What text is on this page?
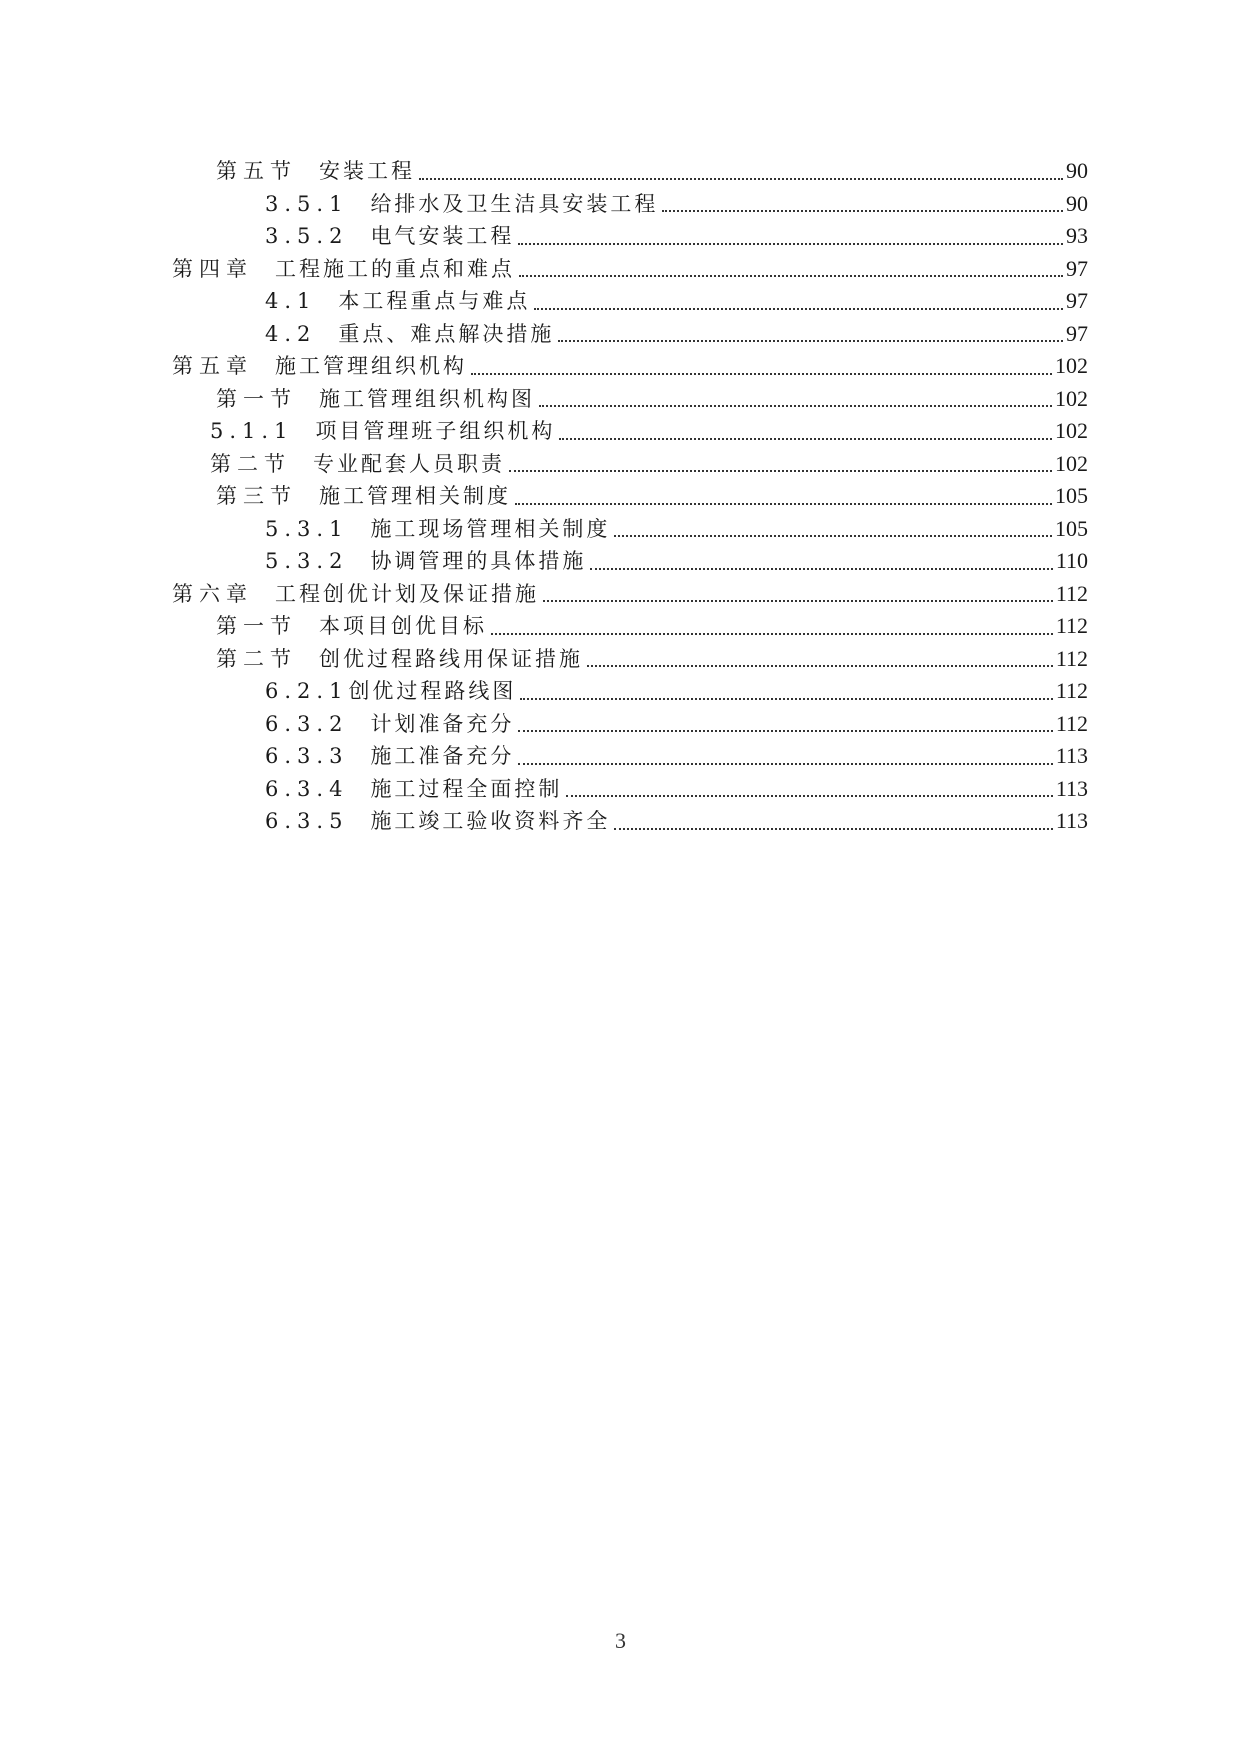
第五节 安装工程	90
3.5.1 给排水及卫生洁具安装工程	90
3.5.2 电气安装工程	93
第四章 工程施工的重点和难点	97
4.1 本工程重点与难点	97
4.2 重点、难点解决措施	97
第五章 施工管理组织机构	102
第一节 施工管理组织机构图	102
5.1.1 项目管理班子组织机构	102
第二节 专业配套人员职责	102
第三节 施工管理相关制度	105
5.3.1 施工现场管理相关制度	105
5.3.2 协调管理的具体措施	110
第六章 工程创优计划及保证措施	112
第一节 本项目创优目标	112
第二节 创优过程路线用保证措施	112
6.2.1创优过程路线图	112
6.3.2 计划准备充分	112
6.3.3 施工准备充分	113
6.3.4 施工过程全面控制	113
6.3.5 施工竣工验收资料齐全	113
3
